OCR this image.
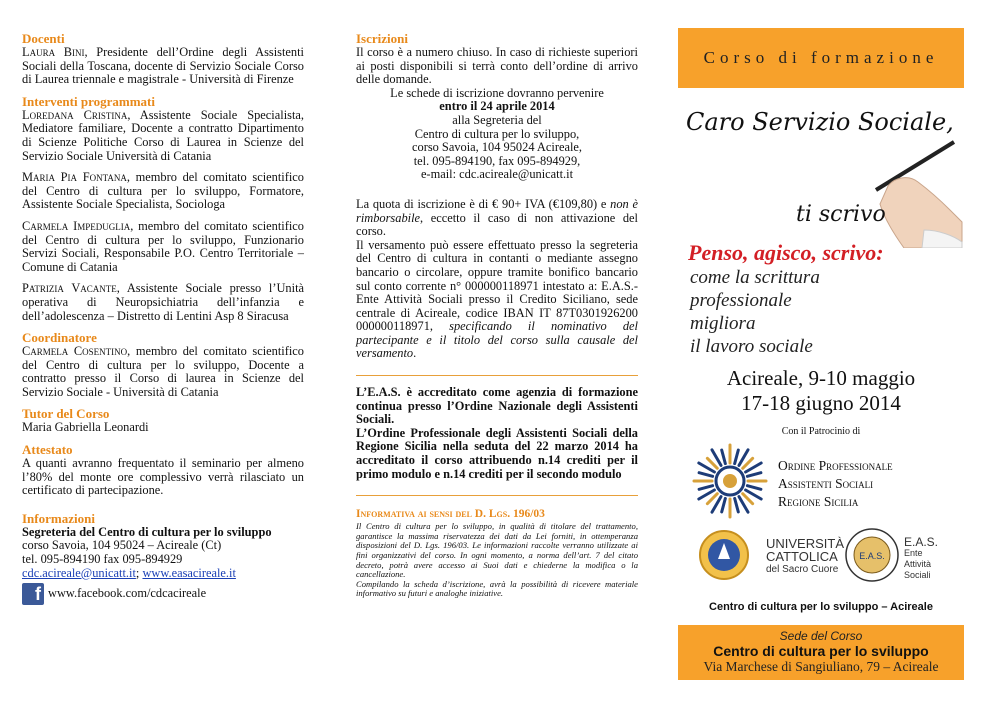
Docenti
Laura Bini, Presidente dell’Ordine degli Assistenti Sociali della Toscana, docente di Servizio Sociale Corso di Laurea triennale e magistrale - Università di Firenze
Interventi programmati
Loredana Cristina, Assistente Sociale Specialista, Mediatore familiare, Docente a contratto Dipartimento di Scienze Politiche Corso di Laurea in Scienze del Servizio Sociale Università di Catania
Maria Pia Fontana, membro del comitato scientifico del Centro di cultura per lo sviluppo, Formatore, Assistente Sociale Specialista, Sociologa
Carmela Impeduglia, membro del comitato scientifico del Centro di cultura per lo sviluppo, Funzionario Servizi Sociali, Responsabile P.O. Centro Territoriale – Comune di Catania
Patrizia Vacante, Assistente Sociale presso l’Unità operativa di Neuropsichiatria dell’infanzia e dell’adolescenza – Distretto di Lentini Asp 8 Siracusa
Coordinatore
Carmela Cosentino, membro del comitato scientifico del Centro di cultura per lo sviluppo, Docente a contratto presso il Corso di laurea in Scienze del Servizio Sociale - Università di Catania
Tutor del Corso
Maria Gabriella Leonardi
Attestato
A quanti avranno frequentato il seminario per almeno l’80% del monte ore complessivo verrà rilasciato un certificato di partecipazione.
Informazioni
Segreteria del Centro di cultura per lo sviluppo
corso Savoia, 104 95024 – Acireale (Ct)
tel. 095-894190 fax 095-894929
cdc.acireale@unicatt.it; www.easacireale.it
f www.facebook.com/cdcacireale
Iscrizioni
Il corso è a numero chiuso. In caso di richieste superiori ai posti disponibili si terrà conto dell’ordine di arrivo delle domande.
Le schede di iscrizione dovranno pervenire
entro il 24 aprile 2014
alla Segreteria del
Centro di cultura per lo sviluppo,
corso Savoia, 104 95024 Acireale,
tel. 095-894190, fax 095-894929,
e-mail: cdc.acireale@unicatt.it
La quota di iscrizione è di € 90+ IVA (€109,80) e non è rimborsabile, eccetto il caso di non attivazione del corso.
Il versamento può essere effettuato presso la segreteria del Centro di cultura in contanti o mediante assegno bancario o circolare, oppure tramite bonifico bancario sul conto corrente n° 000000118971 intestato a: E.A.S.-Ente Attività Sociali presso il Credito Siciliano, sede centrale di Acireale, codice IBAN IT 87T0301926200 000000118971, specificando il nominativo del partecipante e il titolo del corso sulla causale del versamento.
L’E.A.S. è accreditato come agenzia di formazione continua presso l’Ordine Nazionale degli Assistenti Sociali.
L’Ordine Professionale degli Assistenti Sociali della Regione Sicilia nella seduta del 22 marzo 2014 ha accreditato il corso attribuendo n.14 crediti per il primo modulo e n.14 crediti per il secondo modulo
Informativa ai sensi del D. Lgs. 196/03
Il Centro di cultura per lo sviluppo, in qualità di titolare del trattamento, garantisce la massima riservatezza dei dati da Lei forniti, in ottemperanza disposizioni del D. Lgs. 196/03. Le informazioni raccolte verranno utilizzate ai fini organizzativi del corso. In ogni momento, a norma dell’art. 7 del citato decreto, potrà avere accesso ai Suoi dati e chiederne la modifica o la cancellazione.
Compilando la scheda d’iscrizione, avrà la possibilità di ricevere materiale informativo su futuri e analoghe iniziative.
Corso di formazione
Caro Servizio Sociale,
ti scrivo
Penso, agisco, scrivo:
come la scrittura
professionale
migliora
il lavoro sociale
Acireale, 9-10 maggio
17-18 giugno 2014
Con il Patrocinio di
Ordine Professionale
Assistenti Sociali
Regione Sicilia
UNIVERSITÀ
CATTOLICA
del Sacro Cuore
E.A.S.
E.A.S.
Ente
Attività
Sociali
Centro di cultura per lo sviluppo – Acireale
Sede del Corso
Centro di cultura per lo sviluppo
Via Marchese di Sangiuliano, 79 – Acireale
